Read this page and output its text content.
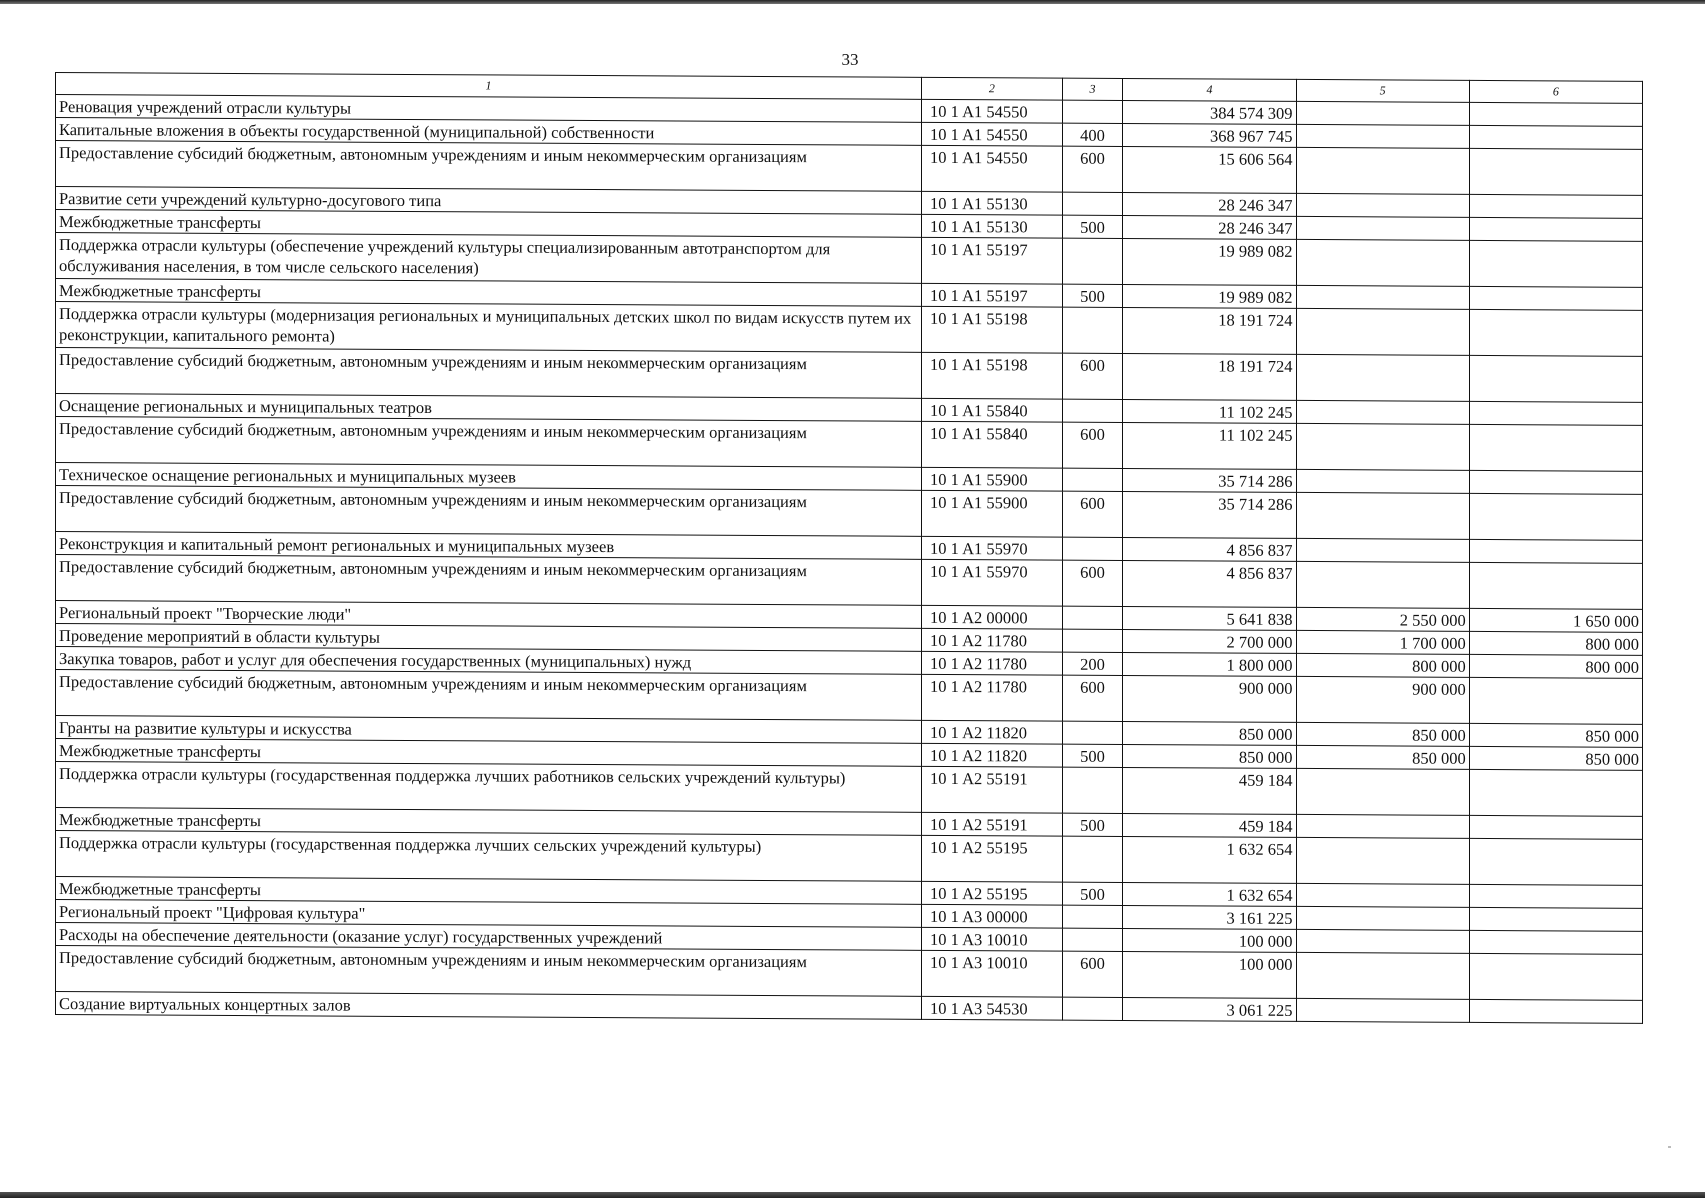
33
1	2	3	4	5	6
Реновация учреждений отрасли культуры	10 1 A1 54550		384 574 309		
Капитальные вложения в объекты государственной (муниципальной) собственности	10 1 A1 54550	400	368 967 745		
Предоставление субсидий бюджетным, автономным учреждениям и иным некоммерческим организациям	10 1 A1 54550	600	15 606 564		
Развитие сети учреждений культурно-досугового типа	10 1 A1 55130		28 246 347		
Межбюджетные трансферты	10 1 A1 55130	500	28 246 347		
Поддержка отрасли культуры (обеспечение учреждений культуры специализированным автотранспортом для обслуживания населения, в том числе сельского населения)	10 1 A1 55197		19 989 082		
Межбюджетные трансферты	10 1 A1 55197	500	19 989 082		
Поддержка отрасли культуры (модернизация региональных и муниципальных детских школ по видам искусств путем их реконструкции, капитального ремонта)	10 1 A1 55198		18 191 724		
Предоставление субсидий бюджетным, автономным учреждениям и иным некоммерческим организациям	10 1 A1 55198	600	18 191 724		
Оснащение региональных и муниципальных театров	10 1 A1 55840		11 102 245		
Предоставление субсидий бюджетным, автономным учреждениям и иным некоммерческим организациям	10 1 A1 55840	600	11 102 245		
Техническое оснащение региональных и муниципальных музеев	10 1 A1 55900		35 714 286		
Предоставление субсидий бюджетным, автономным учреждениям и иным некоммерческим организациям	10 1 A1 55900	600	35 714 286		
Реконструкция и капитальный ремонт региональных и муниципальных музеев	10 1 A1 55970		4 856 837		
Предоставление субсидий бюджетным, автономным учреждениям и иным некоммерческим организациям	10 1 A1 55970	600	4 856 837		
Региональный проект "Творческие люди"	10 1 A2 00000		5 641 838	2 550 000	1 650 000
Проведение мероприятий в области культуры	10 1 A2 11780		2 700 000	1 700 000	800 000
Закупка товаров, работ и услуг для обеспечения государственных (муниципальных) нужд	10 1 A2 11780	200	1 800 000	800 000	800 000
Предоставление субсидий бюджетным, автономным учреждениям и иным некоммерческим организациям	10 1 A2 11780	600	900 000	900 000	
Гранты на развитие культуры и искусства	10 1 A2 11820		850 000	850 000	850 000
Межбюджетные трансферты	10 1 A2 11820	500	850 000	850 000	850 000
Поддержка отрасли культуры (государственная поддержка лучших работников сельских учреждений культуры)	10 1 A2 55191		459 184		
Межбюджетные трансферты	10 1 A2 55191	500	459 184		
Поддержка отрасли культуры (государственная поддержка лучших сельских учреждений культуры)	10 1 A2 55195		1 632 654		
Межбюджетные трансферты	10 1 A2 55195	500	1 632 654		
Региональный проект "Цифровая культура"	10 1 A3 00000		3 161 225		
Расходы на обеспечение деятельности (оказание услуг) государственных учреждений	10 1 A3 10010		100 000		
Предоставление субсидий бюджетным, автономным учреждениям и иным некоммерческим организациям	10 1 A3 10010	600	100 000		
Создание виртуальных концертных залов	10 1 A3 54530		3 061 225		
